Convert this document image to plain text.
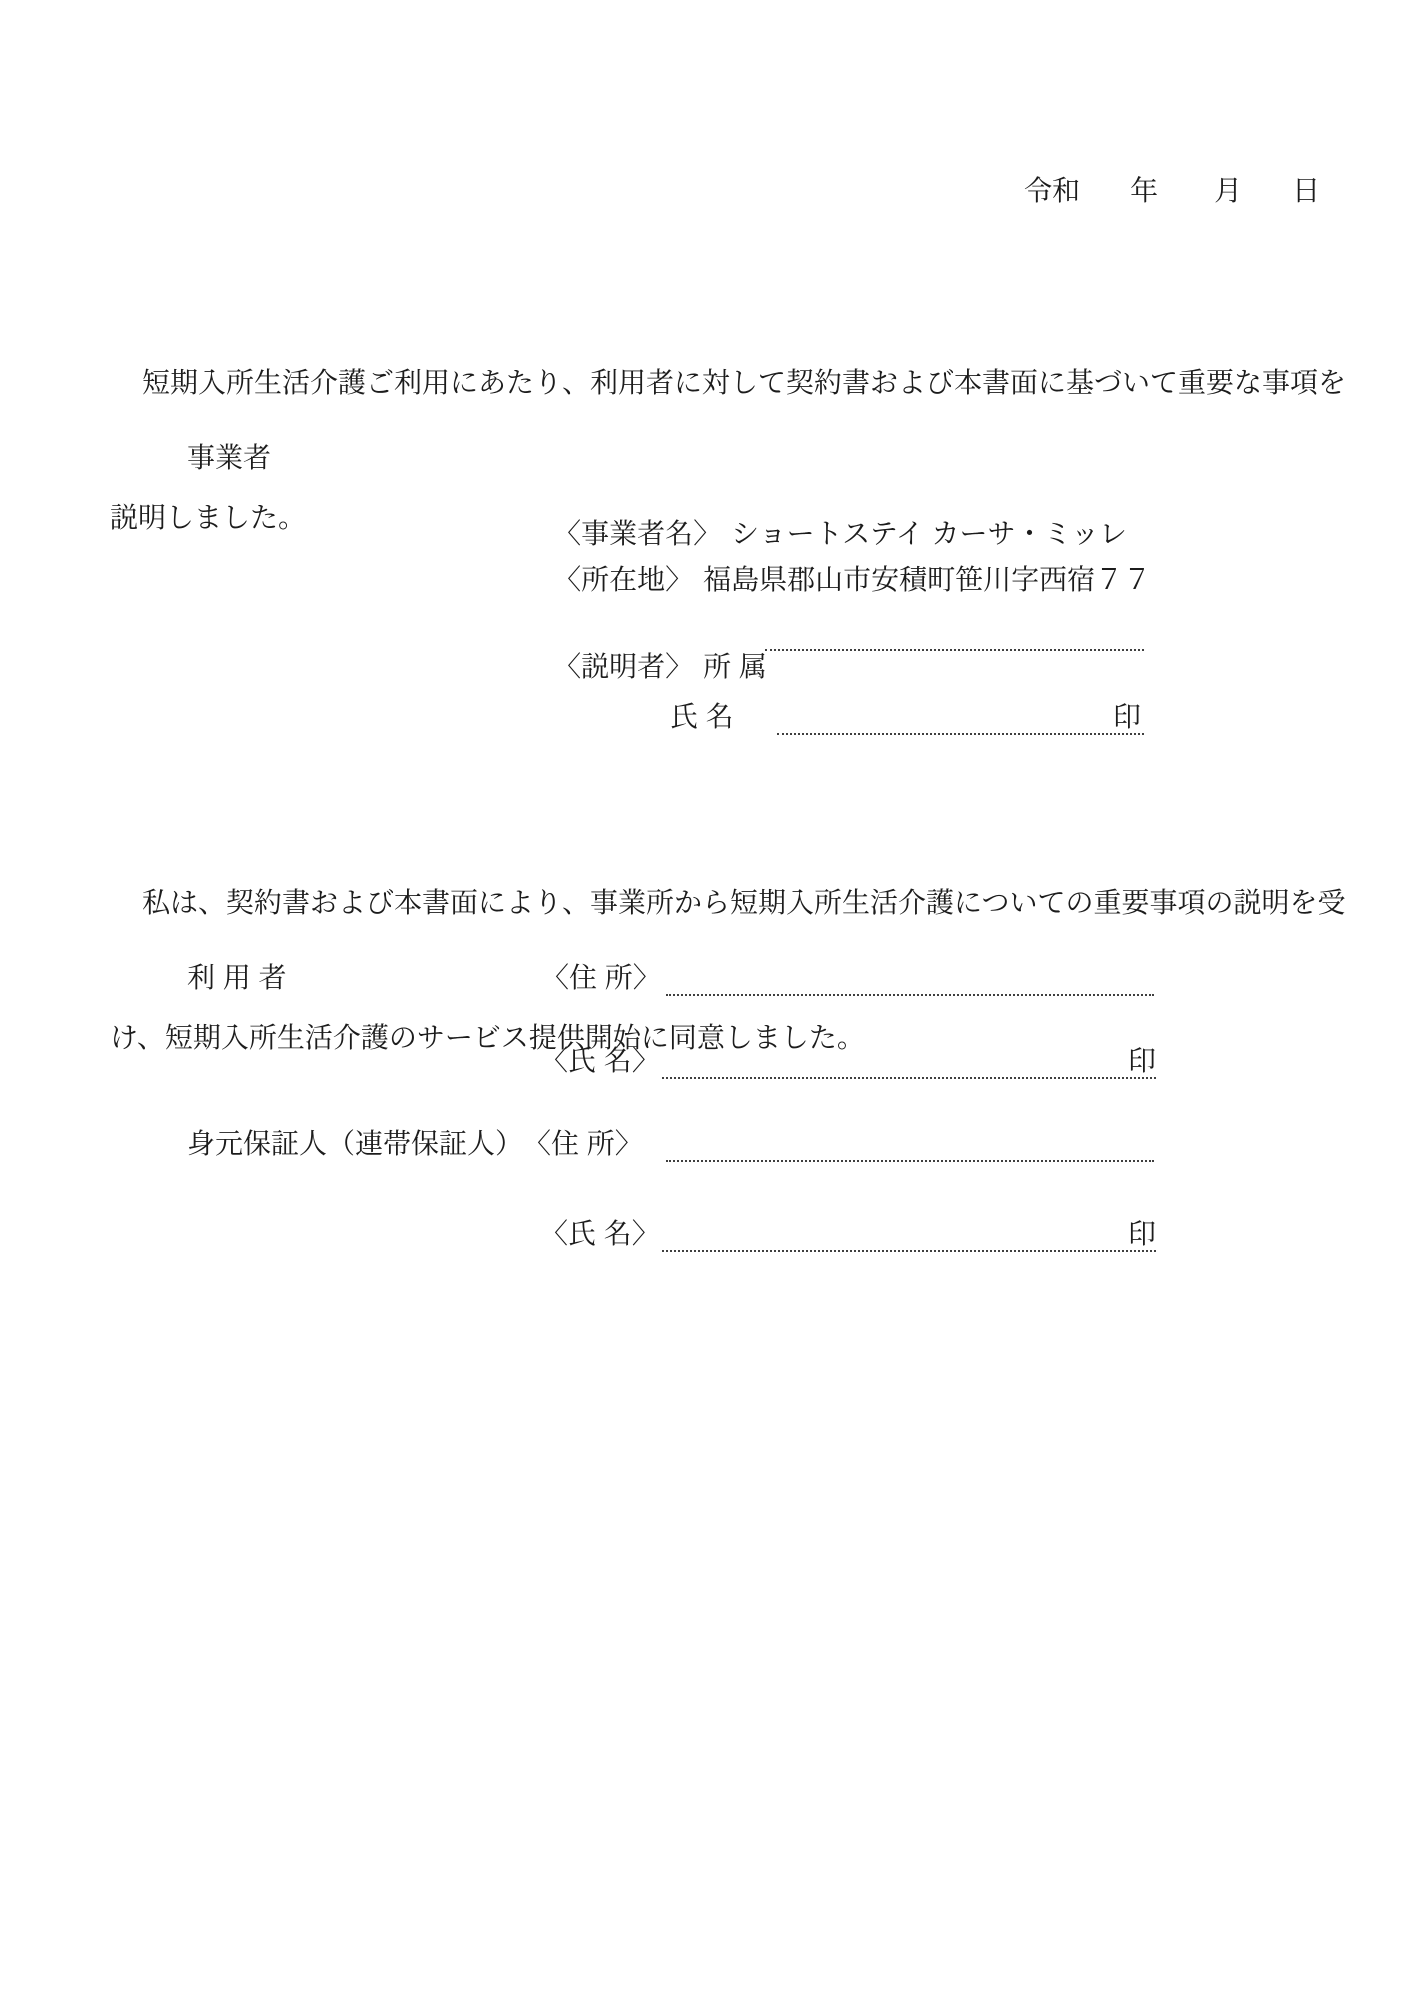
令和 年 月 日

短期入所生活介護ご利用にあたり、利用者に対して契約書および本書面に基づいて重要な事項を

説明しました。

事業者

〈事業者名〉 ショートステイ カーサ・ミッレ

〈所在地〉 福島県郡山市安積町笹川字西宿７７

〈説明者〉 所 属

氏 名	印

私は、契約書および本書面により、事業所から短期入所生活介護についての重要事項の説明を受

け、短期入所生活介護のサービス提供開始に同意しました。

利 用 者	〈住 所〉
〈氏 名〉	印
身元保証人（連帯保証人） 〈住 所〉
〈氏 名〉	印
